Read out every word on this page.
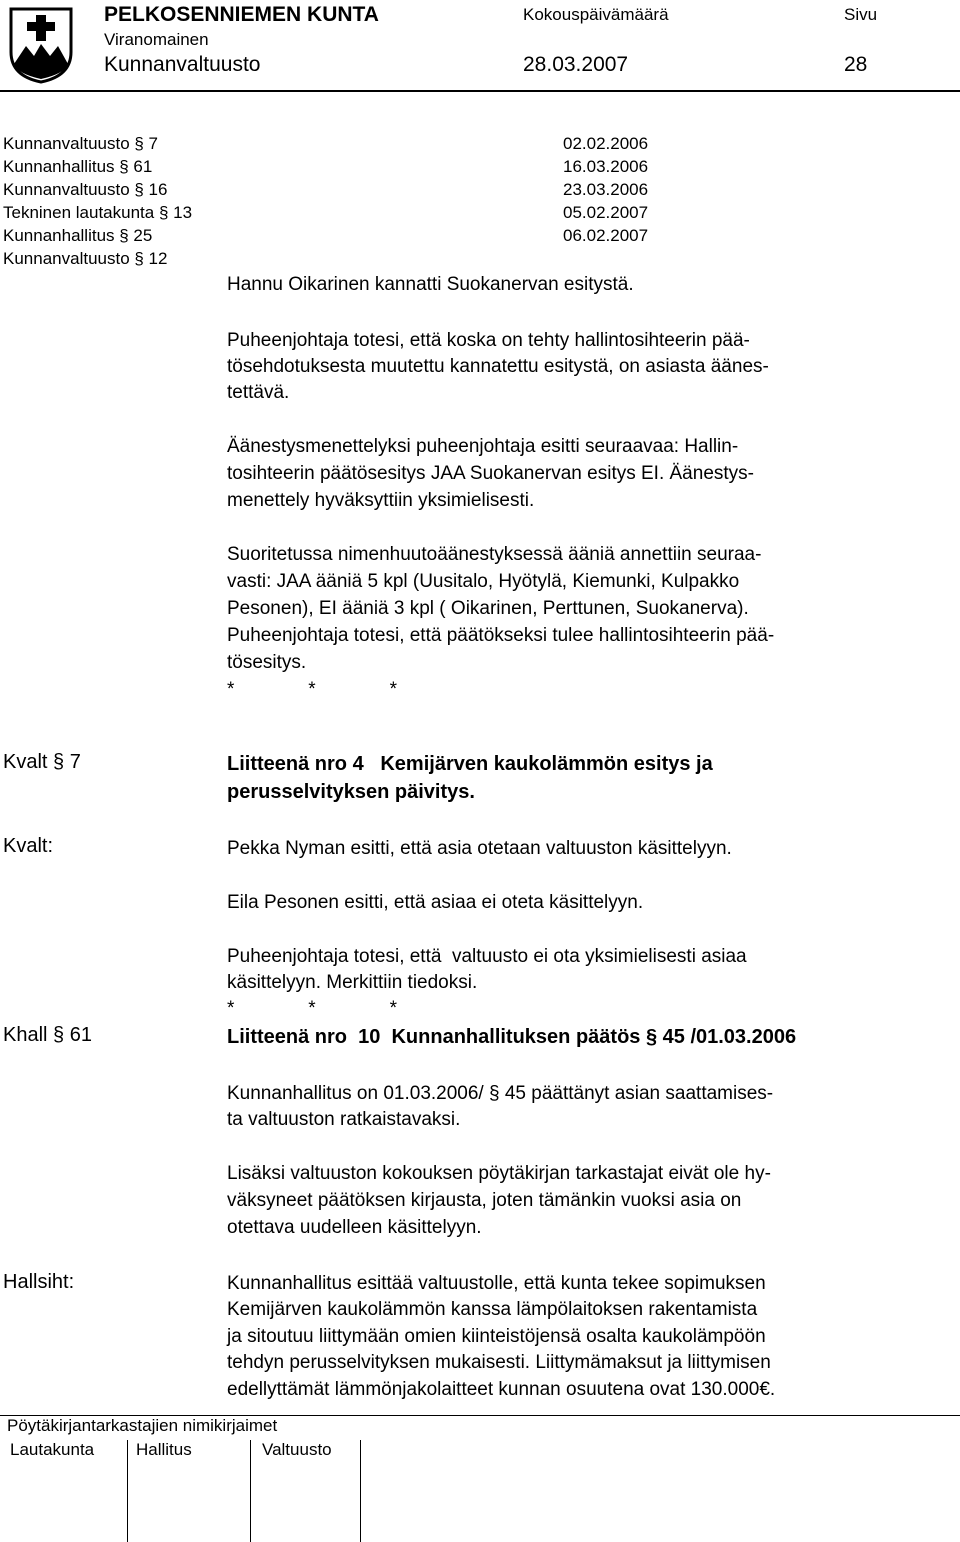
PELKOSENNIEMEN KUNTA
Viranomainen
Kunnanvaltuusto
Kokouspäivämäärä
28.03.2007
Sivu
28
Kunnanvaltuusto § 7	02.02.2006
Kunnanhallitus § 61	16.03.2006
Kunnanvaltuusto § 16	23.03.2006
Tekninen lautakunta § 13	05.02.2007
Kunnanhallitus § 25	06.02.2007
Kunnanvaltuusto § 12
Hannu Oikarinen kannatti Suokanervan esitystä.
Puheenjohtaja totesi, että koska on tehty hallintosihteerin pää-
tösehdotuksesta muutettu kannatettu esitystä, on asiasta äänes-
tettävä.
Äänestysmenettelyksi puheenjohtaja esitti seuraavaa: Hallin-
tosihteerin päätösesitys JAA Suokanervan esitys EI. Äänestys-
menettely hyväksyttiin yksimielisesti.
Suoritetussa nimenhuutoäänestyksessä ääniä annettiin seuraa-
vasti: JAA ääniä 5 kpl (Uusitalo, Hyötylä, Kiemunki, Kulpakko
Pesonen), EI ääniä 3 kpl ( Oikarinen, Perttunen, Suokanerva).
Puheenjohtaja totesi, että päätökseksi tulee hallintosihteerin pää-
tösesitys.
*              *              *
Kvalt § 7	Liitteenä nro 4   Kemijärven kaukolämmön esitys ja
perusselvityksen päivitys.
Kvalt:	Pekka Nyman esitti, että asia otetaan valtuuston käsittelyyn.
Eila Pesonen esitti, että asiaa ei oteta käsittelyyn.
Puheenjohtaja totesi, että  valtuusto ei ota yksimielisesti asiaa
käsittelyyn. Merkittiin tiedoksi.
*              *              *
Khall § 61	Liitteenä nro  10  Kunnanhallituksen päätös § 45 /01.03.2006
Kunnanhallitus on 01.03.2006/ § 45 päättänyt asian saattamises-
ta valtuuston ratkaistavaksi.
Lisäksi valtuuston kokouksen pöytäkirjan tarkastajat eivät ole hy-
väksyneet päätöksen kirjausta, joten tämänkin vuoksi asia on
otettava uudelleen käsittelyyn.
Hallsiht:	Kunnanhallitus esittää valtuustolle, että kunta tekee sopimuksen
Kemijärven kaukolämmön kanssa lämpölaitoksen rakentamista
ja sitoutuu liittymään omien kiinteistöjensä osalta kaukolämpöön
tehdyn perusselvityksen mukaisesti. Liittymämaksut ja liittymisen
edellyttämät lämmönjakolaitteet kunnan osuutena ovat 130.000€.
Pöytäkirjantarkastajien nimikirjaimet
Lautakunta Hallitus	Valtuusto
